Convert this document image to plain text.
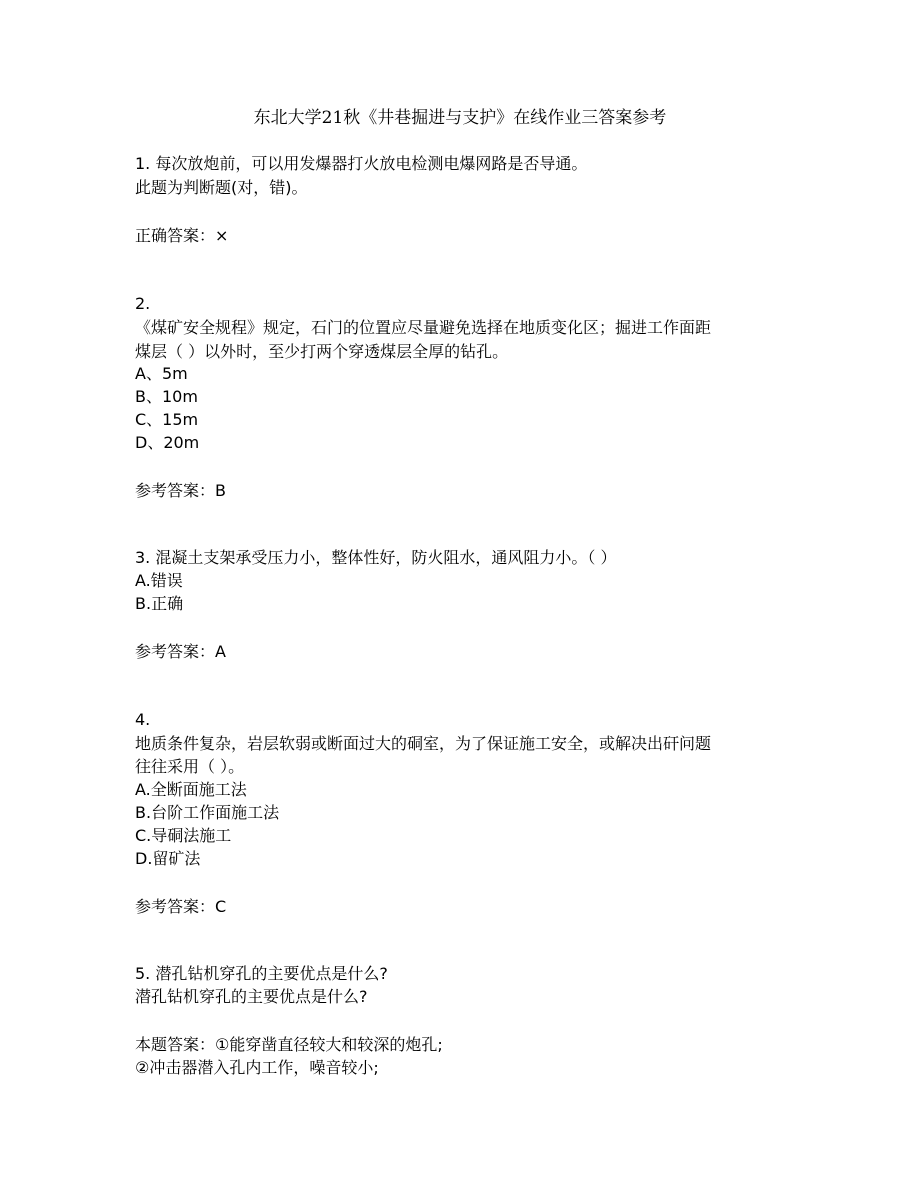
东北大学21秋《井巷掘进与支护》在线作业三答案参考
1. 每次放炮前，可以用发爆器打火放电检测电爆网路是否导通。
此题为判断题(对，错)。
正确答案：×
2.
《煤矿安全规程》规定，石门的位置应尽量避免选择在地质变化区；掘进工作面距
煤层（ ）以外时，至少打两个穿透煤层全厚的钻孔。
A、5m
B、10m
C、15m
D、20m
参考答案：B
3. 混凝土支架承受压力小，整体性好，防火阻水，通风阻力小。（ ）
A.错误
B.正确
参考答案：A
4.
地质条件复杂，岩层软弱或断面过大的硐室，为了保证施工安全，或解决出矸问题
往往采用（ ）。
A.全断面施工法
B.台阶工作面施工法
C.导硐法施工
D.留矿法
参考答案：C
5. 潜孔钻机穿孔的主要优点是什么?
潜孔钻机穿孔的主要优点是什么?
本题答案：①能穿凿直径较大和较深的炮孔;
②冲击器潜入孔内工作，噪音较小;
